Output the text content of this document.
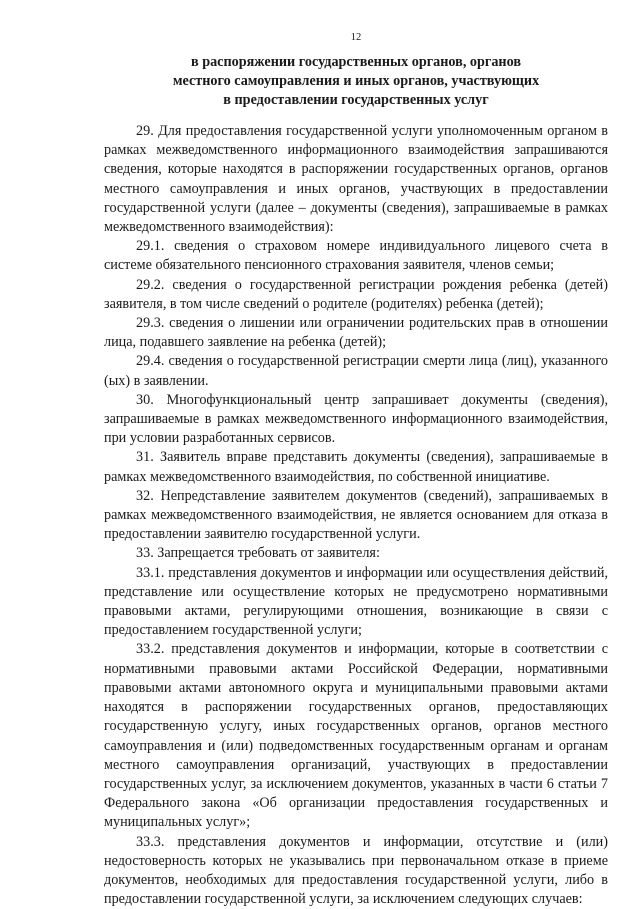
12
в распоряжении государственных органов, органов
местного самоуправления и иных органов, участвующих
в предоставлении государственных услуг

29. Для предоставления государственной услуги уполномоченным органом в рамках межведомственного информационного взаимодействия запрашиваются сведения, которые находятся в распоряжении государственных органов, органов местного самоуправления и иных органов, участвующих в предоставлении государственной услуги (далее – документы (сведения), запрашиваемые в рамках межведомственного взаимодействия):

29.1. сведения о страховом номере индивидуального лицевого счета в системе обязательного пенсионного страхования заявителя, членов семьи;

29.2. сведения о государственной регистрации рождения ребенка (детей) заявителя, в том числе сведений о родителе (родителях) ребенка (детей);

29.3. сведения о лишении или ограничении родительских прав в отношении лица, подавшего заявление на ребенка (детей);

29.4. сведения о государственной регистрации смерти лица (лиц), указанного (ых) в заявлении.

30. Многофункциональный центр запрашивает документы (сведения), запрашиваемые в рамках межведомственного информационного взаимодействия, при условии разработанных сервисов.

31. Заявитель вправе представить документы (сведения), запрашиваемые в рамках межведомственного взаимодействия, по собственной инициативе.

32. Непредставление заявителем документов (сведений), запрашиваемых в рамках межведомственного взаимодействия, не является основанием для отказа в предоставлении заявителю государственной услуги.

33. Запрещается требовать от заявителя:

33.1. представления документов и информации или осуществления действий, представление или осуществление которых не предусмотрено нормативными правовыми актами, регулирующими отношения, возникающие в связи с предоставлением государственной услуги;

33.2. представления документов и информации, которые в соответствии с нормативными правовыми актами Российской Федерации, нормативными правовыми актами автономного округа и муниципальными правовыми актами находятся в распоряжении государственных органов, предоставляющих государственную услугу, иных государственных органов, органов местного самоуправления и (или) подведомственных государственным органам и органам местного самоуправления организаций, участвующих в предоставлении государственных услуг, за исключением документов, указанных в части 6 статьи 7 Федерального закона «Об организации предоставления государственных и муниципальных услуг»;

33.3. представления документов и информации, отсутствие и (или) недостоверность которых не указывались при первоначальном отказе в приеме документов, необходимых для предоставления государственной услуги, либо в предоставлении государственной услуги, за исключением следующих случаев:
